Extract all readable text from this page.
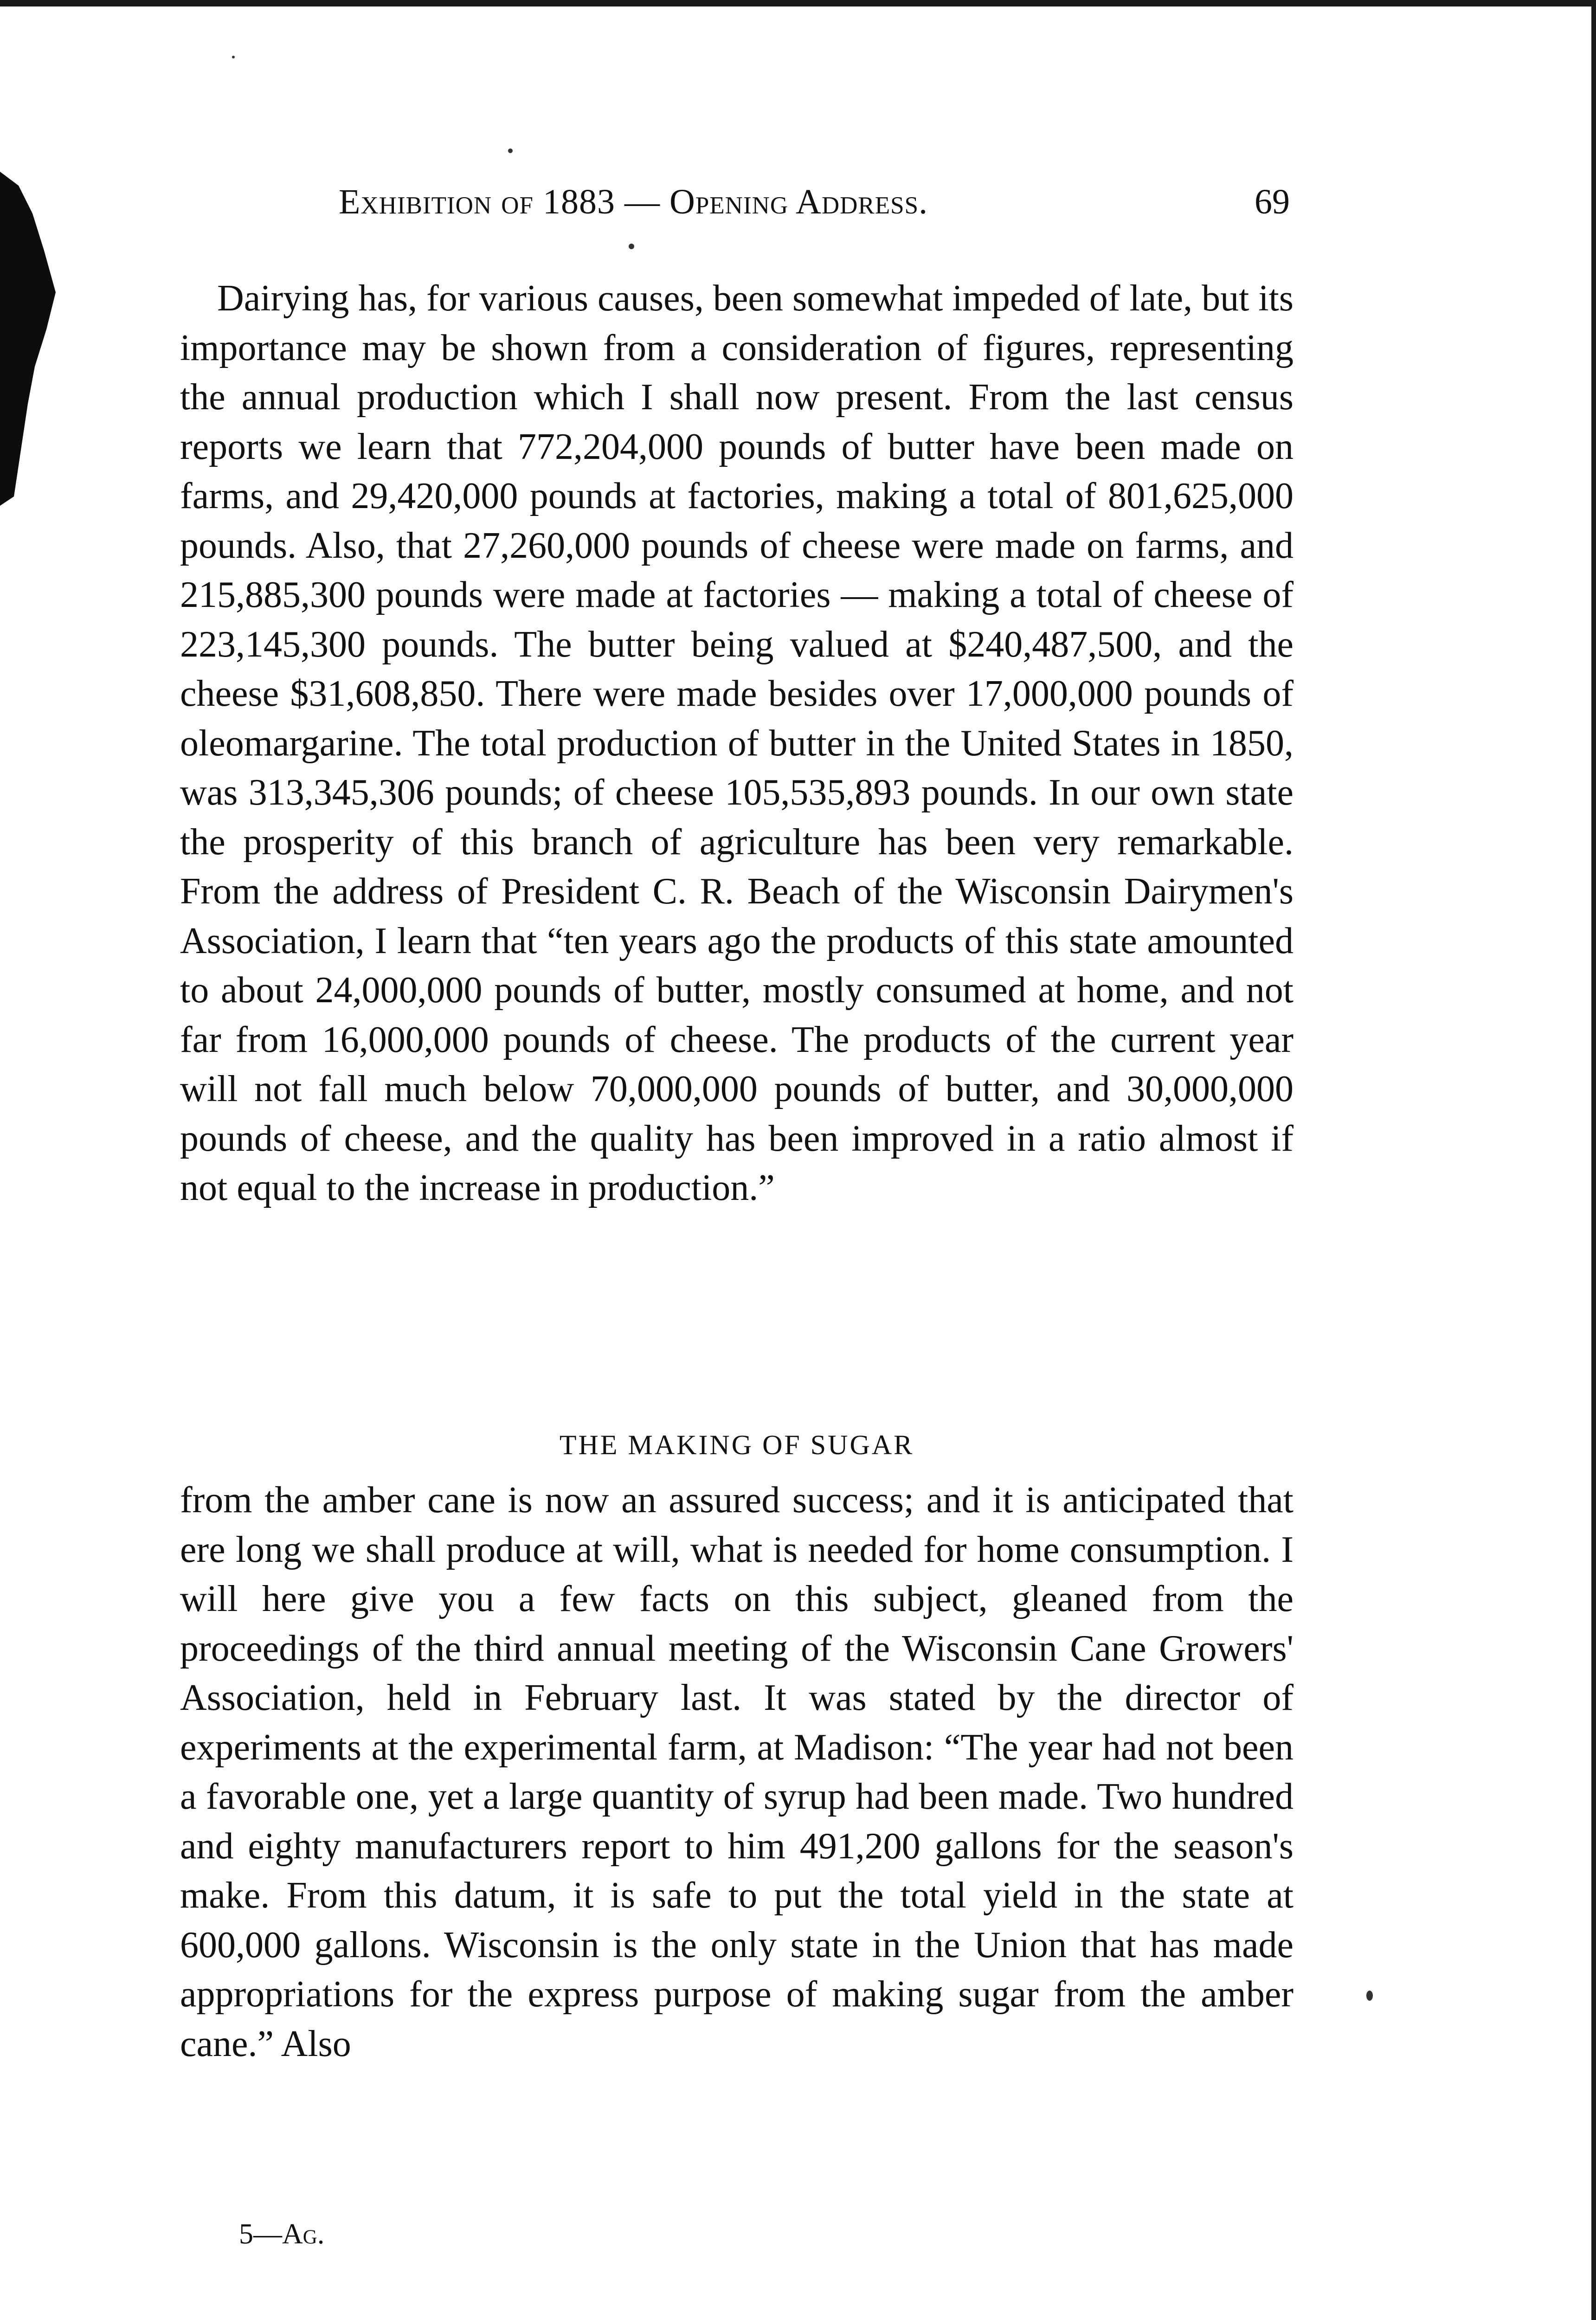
Exhibition of 1883 — Opening Address.	69

Dairying has, for various causes, been somewhat impeded of late, but its importance may be shown from a consideration of figures, representing the annual production which I shall now present. From the last census reports we learn that 772,204,000 pounds of butter have been made on farms, and 29,420,000 pounds at factories, making a total of 801,625,000 pounds. Also, that 27,260,000 pounds of cheese were made on farms, and 215,885,300 pounds were made at factories — making a total of cheese of 223,145,300 pounds. The butter being valued at $240,487,500, and the cheese $31,608,850. There were made besides over 17,000,000 pounds of oleomargarine. The total production of butter in the United States in 1850, was 313,345,306 pounds; of cheese 105,535,893 pounds. In our own state the prosperity of this branch of agriculture has been very remarkable. From the address of President C. R. Beach of the Wisconsin Dairymen's Association, I learn that “ten years ago the products of this state amounted to about 24,000,000 pounds of butter, mostly consumed at home, and not far from 16,000,000 pounds of cheese. The products of the current year will not fall much below 70,000,000 pounds of butter, and 30,000,000 pounds of cheese, and the quality has been improved in a ratio almost if not equal to the increase in production.”

THE MAKING OF SUGAR

from the amber cane is now an assured success; and it is anticipated that ere long we shall produce at will, what is needed for home consumption. I will here give you a few facts on this subject, gleaned from the proceedings of the third annual meeting of the Wisconsin Cane Growers' Association, held in February last. It was stated by the director of experiments at the experimental farm, at Madison: “The year had not been a favorable one, yet a large quantity of syrup had been made. Two hundred and eighty manufacturers report to him 491,200 gallons for the season's make. From this datum, it is safe to put the total yield in the state at 600,000 gallons. Wisconsin is the only state in the Union that has made appropriations for the express purpose of making sugar from the amber cane.” Also

5—Ag.
